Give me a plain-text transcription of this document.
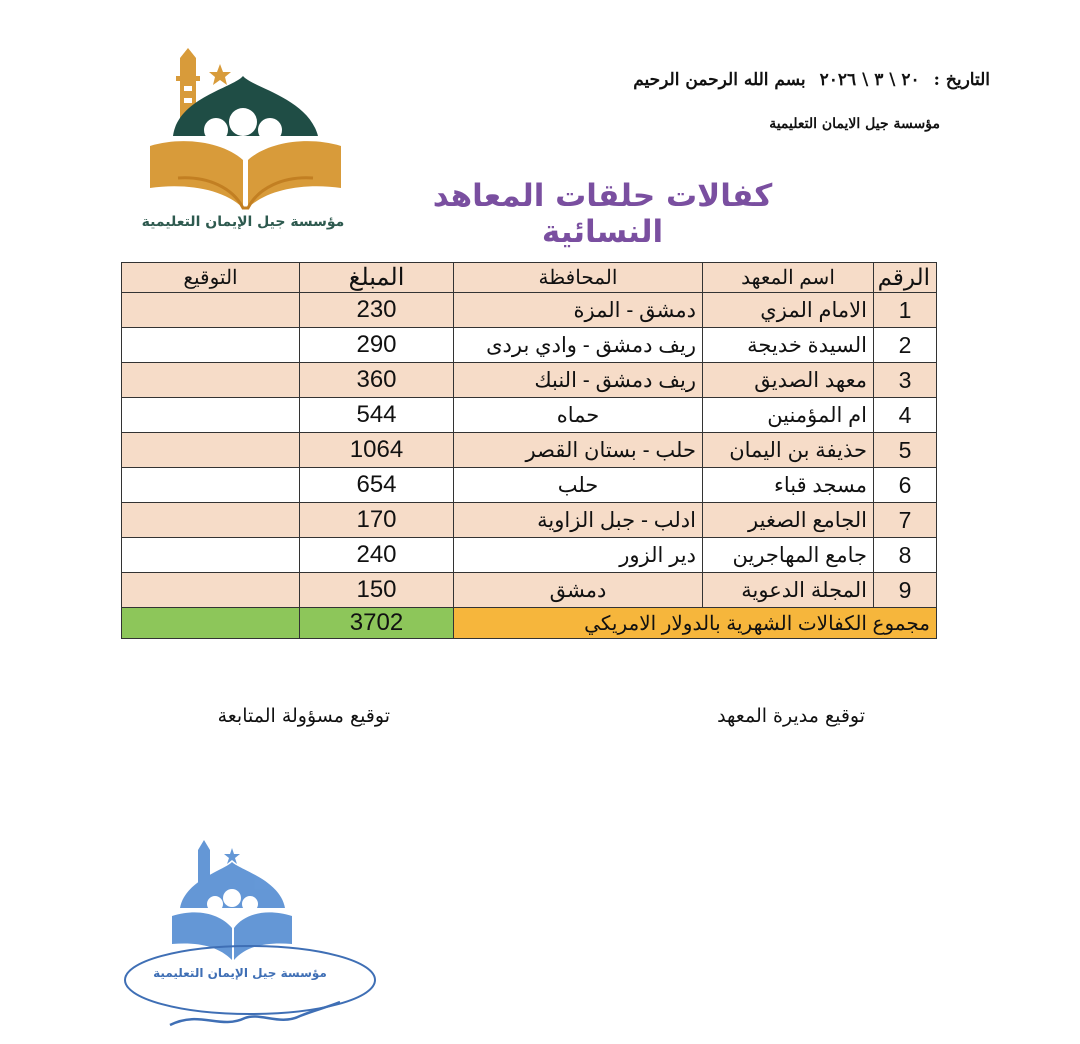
التاريخ :٢٠ \ ٣ \ ٢٠٢٦بسم الله الرحمن الرحيم
مؤسسة جيل الايمان التعليمية
مؤسسة جيل الإيمان التعليمية
كفالات حلقات المعاهد النسائية
الرقم	اسم المعهد	المحافظة	المبلغ	التوقيع
1	الامام المزي	دمشق - المزة	230	
2	السيدة خديجة	ريف دمشق - وادي بردى	290	
3	معهد الصديق	ريف دمشق - النبك	360	
4	ام المؤمنين	حماه	544	
5	حذيفة بن اليمان	حلب - بستان القصر	1064	
6	مسجد قباء	حلب	654	
7	الجامع الصغير	ادلب - جبل الزاوية	170	
8	جامع المهاجرين	دير الزور	240	
9	المجلة الدعوية	دمشق	150	
مجموع الكفالات الشهرية بالدولار الامريكي			3702	
توقيع مديرة المعهد
توقيع مسؤولة المتابعة
مؤسسة جيل الإيمان التعليمية
